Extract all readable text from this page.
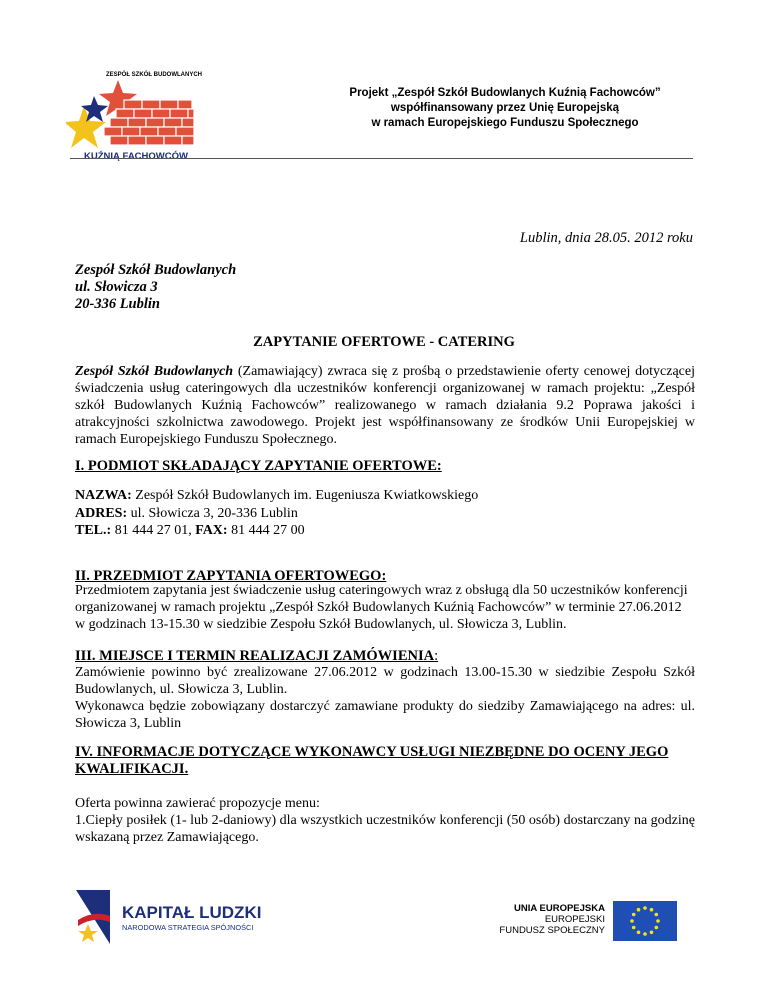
ZESPÓŁ SZKÓŁ BUDOWLANYCH
KUŹNIĄ FACHOWCÓW
Projekt „Zespół Szkół Budowlanych Kuźnią Fachowców”
współfinansowany przez Unię Europejską
w ramach Europejskiego Funduszu Społecznego
Lublin, dnia 28.05. 2012 roku
Zespół Szkół Budowlanych
ul. Słowicza 3
20-336 Lublin
ZAPYTANIE OFERTOWE - CATERING
Zespół Szkół Budowlanych (Zamawiający) zwraca się z prośbą o przedstawienie oferty cenowej dotyczącej świadczenia usług cateringowych dla uczestników konferencji organizowanej w ramach projektu: „Zespół szkół Budowlanych Kuźnią Fachowców” realizowanego w ramach działania 9.2 Poprawa jakości i atrakcyjności szkolnictwa zawodowego. Projekt jest współfinansowany ze środków Unii Europejskiej w ramach Europejskiego Funduszu Społecznego.
I. PODMIOT SKŁADAJĄCY ZAPYTANIE OFERTOWE:
NAZWA: Zespół Szkół Budowlanych im. Eugeniusza Kwiatkowskiego
ADRES: ul. Słowicza 3, 20-336 Lublin
TEL.: 81 444 27 01, FAX: 81 444 27 00
II. PRZEDMIOT ZAPYTANIA OFERTOWEGO:
Przedmiotem zapytania jest świadczenie usług cateringowych wraz z obsługą dla 50 uczestników konferencji
organizowanej w ramach projektu „Zespół Szkół Budowlanych Kuźnią Fachowców” w terminie 27.06.2012
w godzinach 13-15.30 w siedzibie Zespołu Szkół Budowlanych, ul. Słowicza 3, Lublin.
III. MIEJSCE I TERMIN REALIZACJI ZAMÓWIENIA:
Zamówienie powinno być zrealizowane 27.06.2012 w godzinach 13.00-15.30 w siedzibie Zespołu Szkół Budowlanych, ul. Słowicza 3, Lublin.
Wykonawca będzie zobowiązany dostarczyć zamawiane produkty do siedziby Zamawiającego na adres: ul. Słowicza 3, Lublin
IV. INFORMACJE DOTYCZĄCE WYKONAWCY USŁUGI NIEZBĘDNE DO OCENY JEGO KWALIFIKACJI.
Oferta powinna zawierać propozycje menu:
1.Ciepły posiłek (1- lub 2-daniowy) dla wszystkich uczestników konferencji (50 osób) dostarczany na godzinę wskazaną przez Zamawiającego.
KAPITAŁ LUDZKI
NARODOWA STRATEGIA SPÓJNOŚCI
UNIA EUROPEJSKA
EUROPEJSKI
FUNDUSZ SPOŁECZNY
